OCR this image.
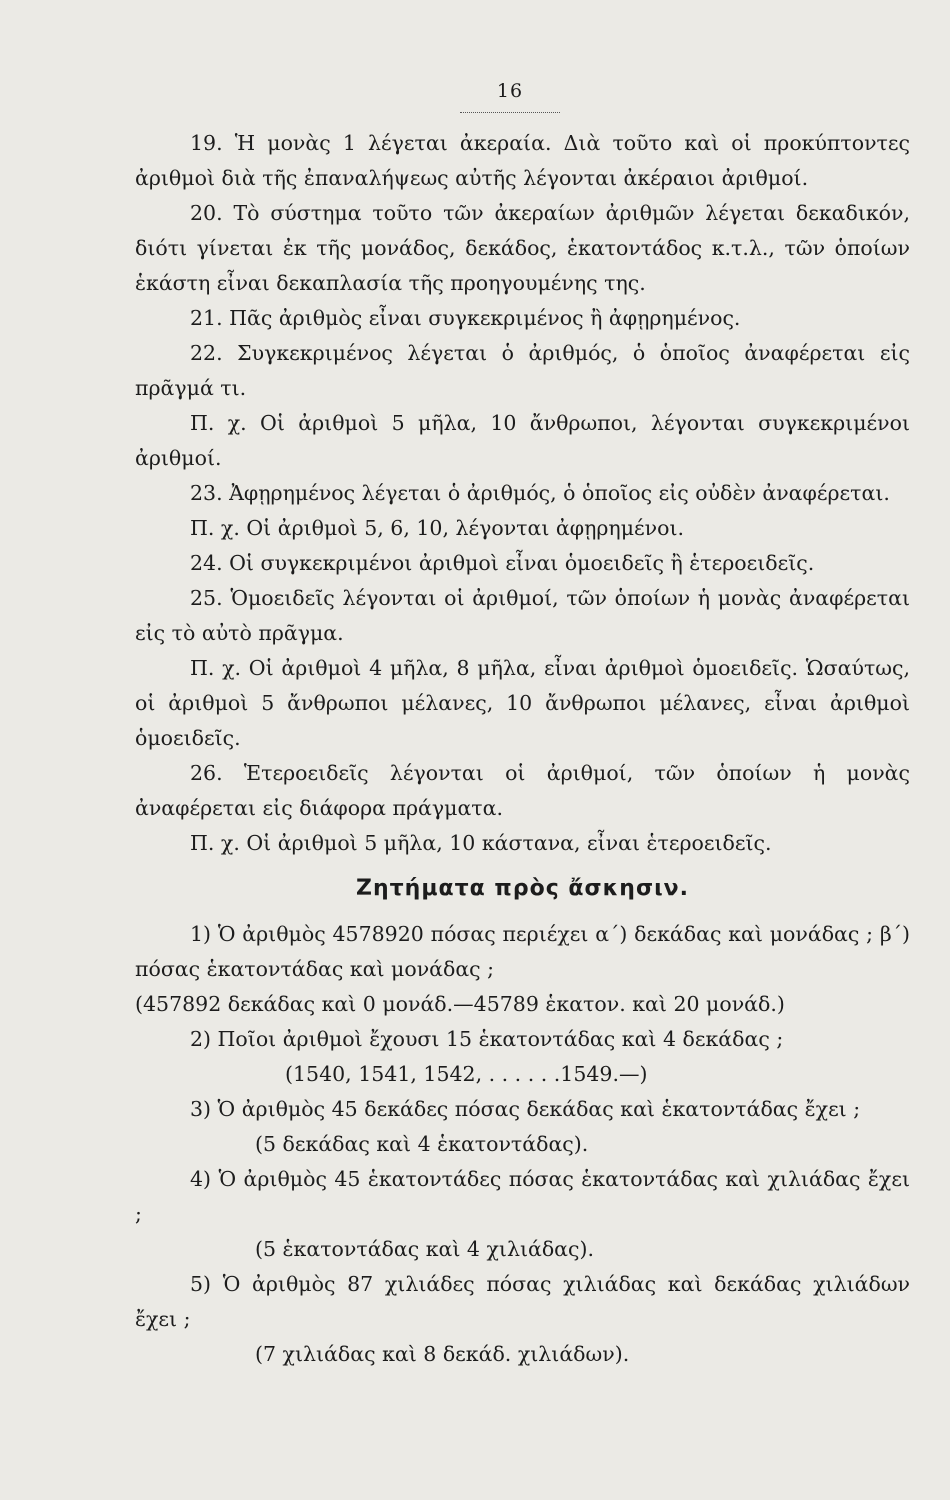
16

19. Ἡ μονὰς 1 λέγεται ἀκεραία. Διὰ τοῦτο καὶ οἱ προκύπτοντες ἀριθμοὶ διὰ τῆς ἐπαναλήψεως αὐτῆς λέγονται ἀκέραιοι ἀριθμοί.

20. Τὸ σύστημα τοῦτο τῶν ἀκεραίων ἀριθμῶν λέγεται δεκαδικόν, διότι γίνεται ἐκ τῆς μονάδος, δεκάδος, ἑκατοντάδος κ.τ.λ., τῶν ὁποίων ἑκάστη εἶναι δεκαπλασία τῆς προηγουμένης της.

21. Πᾶς ἀριθμὸς εἶναι συγκεκριμένος ἢ ἀφῃρημένος.

22. Συγκεκριμένος λέγεται ὁ ἀριθμός, ὁ ὁποῖος ἀναφέρεται εἰς πρᾶγμά τι.

Π. χ. Οἱ ἀριθμοὶ 5 μῆλα, 10 ἄνθρωποι, λέγονται συγκεκριμένοι ἀριθμοί.

23. Ἀφῃρημένος λέγεται ὁ ἀριθμός, ὁ ὁποῖος εἰς οὐδὲν ἀναφέρεται.

Π. χ. Οἱ ἀριθμοὶ 5, 6, 10, λέγονται ἀφῃρημένοι.

24. Οἱ συγκεκριμένοι ἀριθμοὶ εἶναι ὁμοειδεῖς ἢ ἑτεροειδεῖς.

25. Ὁμοειδεῖς λέγονται οἱ ἀριθμοί, τῶν ὁποίων ἡ μονὰς ἀναφέρεται εἰς τὸ αὐτὸ πρᾶγμα.

Π. χ. Οἱ ἀριθμοὶ 4 μῆλα, 8 μῆλα, εἶναι ἀριθμοὶ ὁμοειδεῖς. Ὡσαύτως, οἱ ἀριθμοὶ 5 ἄνθρωποι μέλανες, 10 ἄνθρωποι μέλανες, εἶναι ἀριθμοὶ ὁμοειδεῖς.

26. Ἑτεροειδεῖς λέγονται οἱ ἀριθμοί, τῶν ὁποίων ἡ μονὰς ἀναφέρεται εἰς διάφορα πράγματα.

Π. χ. Οἱ ἀριθμοὶ 5 μῆλα, 10 κάστανα, εἶναι ἑτεροειδεῖς.

Ζητήματα πρὸς ἄσκησιν.

1) Ὁ ἀριθμὸς 4578920 πόσας περιέχει α΄) δεκάδας καὶ μονάδας ; β΄) πόσας ἑκατοντάδας καὶ μονάδας ;

(457892 δεκάδας καὶ 0 μονάδ.—45789 ἑκατον. καὶ 20 μονάδ.)

2) Ποῖοι ἀριθμοὶ ἔχουσι 15 ἑκατοντάδας καὶ 4 δεκάδας ;

(1540, 1541, 1542, . . . . . .1549.—)

3) Ὁ ἀριθμὸς 45 δεκάδες πόσας δεκάδας καὶ ἑκατοντάδας ἔχει ;

(5 δεκάδας καὶ 4 ἑκατοντάδας).

4) Ὁ ἀριθμὸς 45 ἑκατοντάδες πόσας ἑκατοντάδας καὶ χιλιάδας ἔχει ;

(5 ἑκατοντάδας καὶ 4 χιλιάδας).

5) Ὁ ἀριθμὸς 87 χιλιάδες πόσας χιλιάδας καὶ δεκάδας χιλιάδων ἔχει ;

(7 χιλιάδας καὶ 8 δεκάδ. χιλιάδων).
